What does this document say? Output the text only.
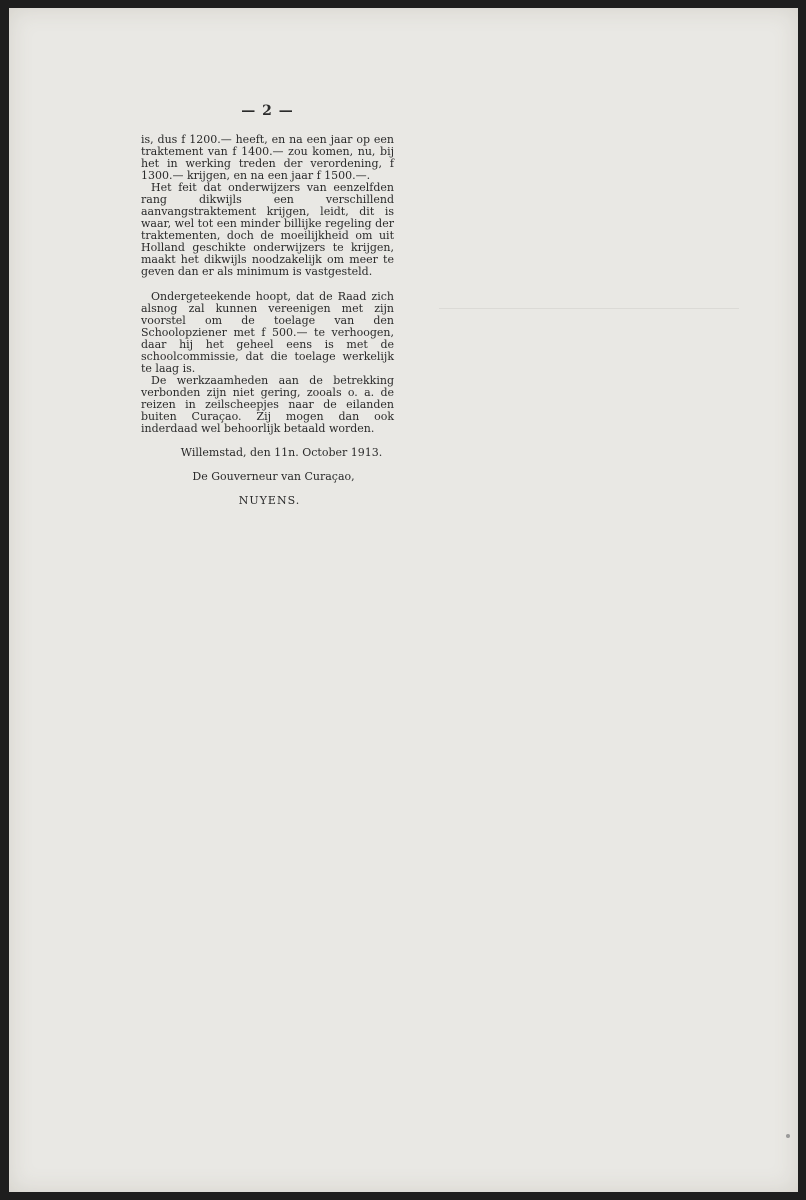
— 2 —

is, dus f 1200.— heeft, en na een jaar op een traktement van f 1400.— zou komen, nu, bij het in werking treden der verordening, f 1300.— krijgen, en na een jaar f 1500.—.

Het feit dat onderwijzers van eenzelfden rang dikwijls een verschillend aanvangstraktement krijgen, leidt, dit is waar, wel tot een minder billijke regeling der traktementen, doch de moeilijkheid om uit Holland geschikte onderwijzers te krijgen, maakt het dikwijls noodzakelijk om meer te geven dan er als minimum is vastgesteld.

Ondergeteekende hoopt, dat de Raad zich alsnog zal kunnen vereenigen met zijn voorstel om de toelage van den Schoolopziener met f 500.— te verhoogen, daar hij het geheel eens is met de schoolcommissie, dat die toelage werkelijk te laag is.

De werkzaamheden aan de betrekking verbonden zijn niet gering, zooals o. a. de reizen in zeilscheepjes naar de eilanden buiten Curaçao. Zij mogen dan ook inderdaad wel behoorlijk betaald worden.

Willemstad, den 11n. October 1913.

De Gouverneur van Curaçao,

NUYENS.
